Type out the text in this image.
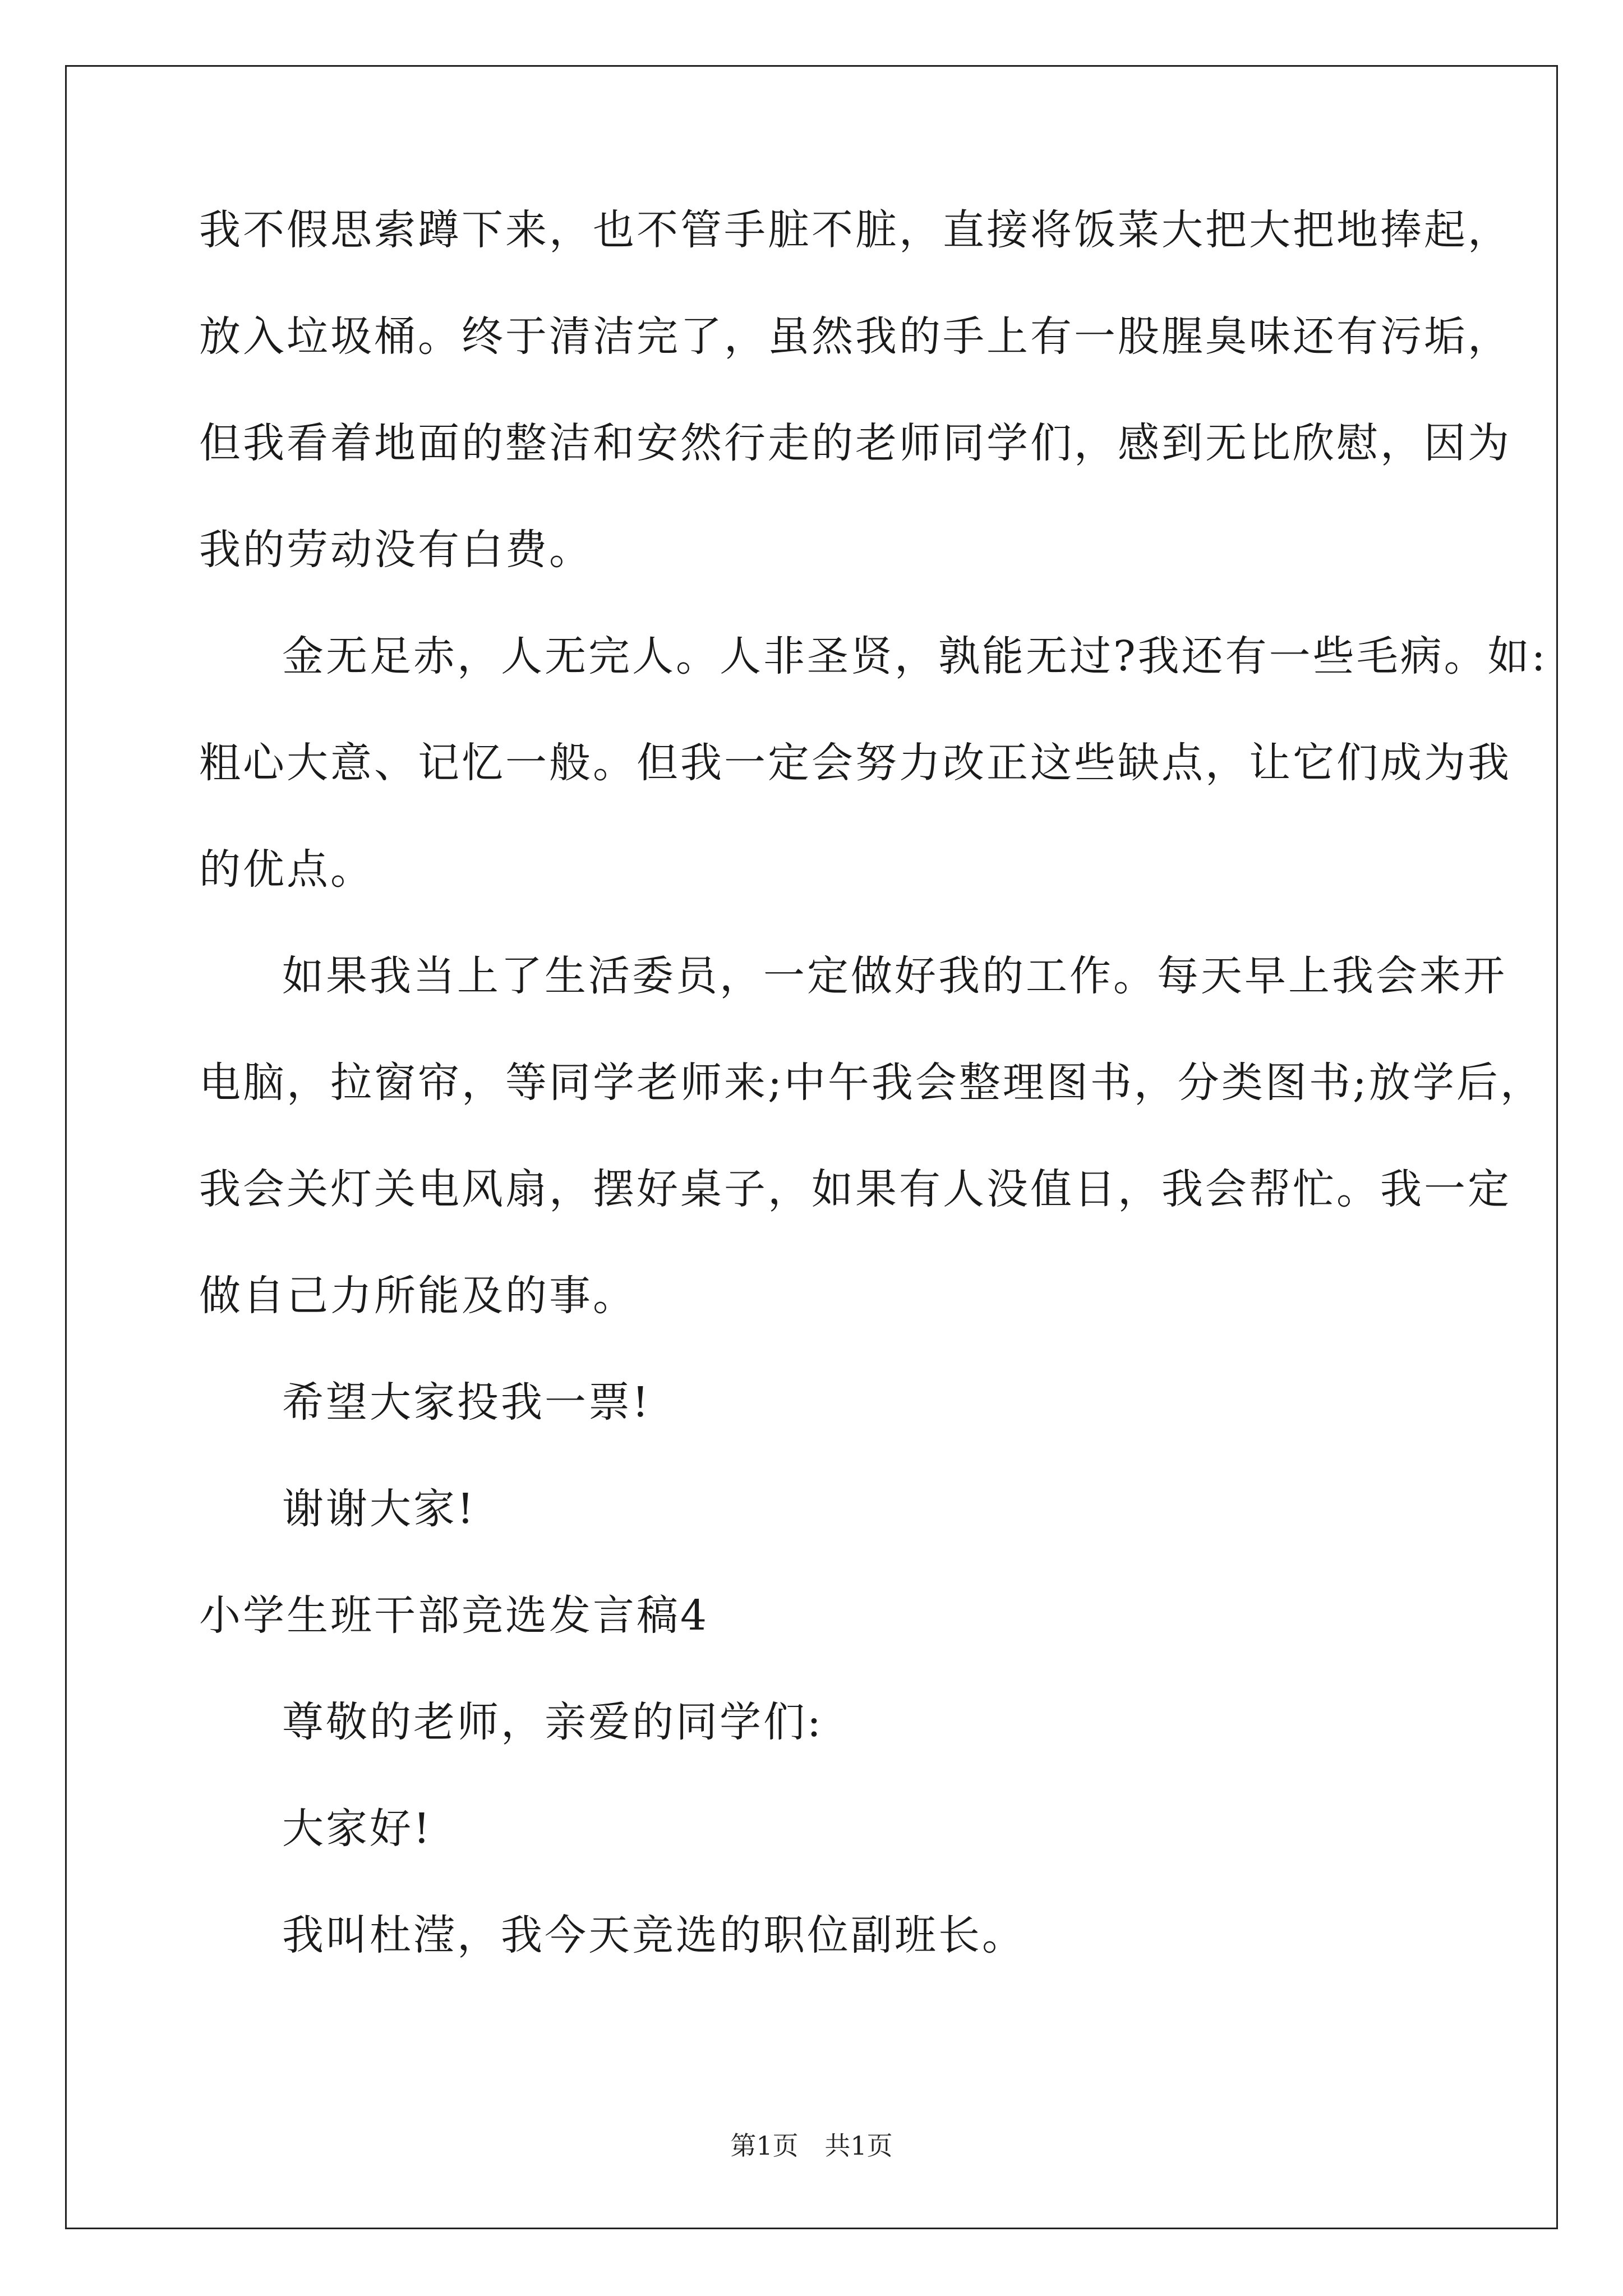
我不假思索蹲下来，也不管手脏不脏，直接将饭菜大把大把地捧起，
放入垃圾桶。终于清洁完了，虽然我的手上有一股腥臭味还有污垢，
但我看着地面的整洁和安然行走的老师同学们，感到无比欣慰，因为
我的劳动没有白费。
金无足赤，人无完人。人非圣贤，孰能无过?我还有一些毛病。如:
粗心大意、记忆一般。但我一定会努力改正这些缺点，让它们成为我
的优点。
如果我当上了生活委员，一定做好我的工作。每天早上我会来开
电脑，拉窗帘，等同学老师来;中午我会整理图书，分类图书;放学后，
我会关灯关电风扇，摆好桌子，如果有人没值日，我会帮忙。我一定
做自己力所能及的事。
希望大家投我一票!
谢谢大家!
小学生班干部竞选发言稿4
尊敬的老师，亲爱的同学们:
大家好!
我叫杜滢，我今天竞选的职位副班长。
第1页 共1页
